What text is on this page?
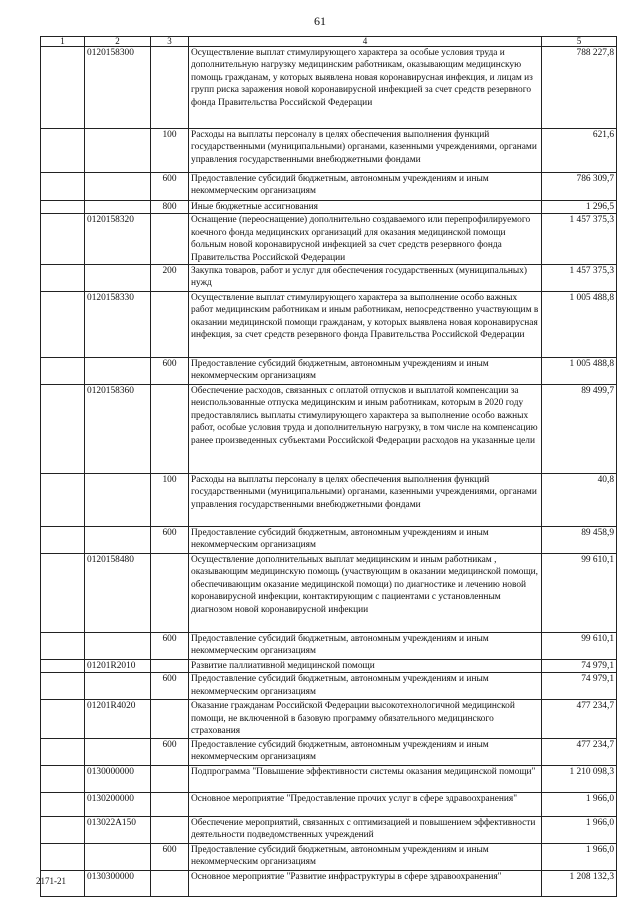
61
1	2	3	4	5
	0120158300		Осуществление выплат стимулирующего характера за особые условия труда и дополнительную нагрузку медицинским работникам, оказывающим медицинскую помощь гражданам, у которых выявлена новая коронавирусная инфекция, и лицам из групп риска заражения новой коронавирусной инфекцией за счет средств резервного фонда Правительства Российской Федерации	788 227,8
		100	Расходы на выплаты персоналу в целях обеспечения выполнения функций государственными (муниципальными) органами, казенными учреждениями, органами управления государственными внебюджетными фондами	621,6
		600	Предоставление субсидий бюджетным, автономным учреждениям и иным некоммерческим организациям	786 309,7
		800	Иные бюджетные ассигнования	1 296,5
	0120158320		Оснащение (переоснащение) дополнительно создаваемого или перепрофилируемого коечного фонда медицинских организаций для оказания медицинской помощи больным новой коронавирусной инфекцией за счет средств резервного фонда Правительства Российской Федерации	1 457 375,3
		200	Закупка товаров, работ и услуг для обеспечения государственных (муниципальных) нужд	1 457 375,3
	0120158330		Осуществление выплат стимулирующего характера за выполнение особо важных работ медицинским работникам и иным работникам, непосредственно участвующим в оказании медицинской помощи гражданам, у которых выявлена новая коронавирусная инфекция, за счет средств резервного фонда Правительства Российской Федерации	1 005 488,8
		600	Предоставление субсидий бюджетным, автономным учреждениям и иным некоммерческим организациям	1 005 488,8
	0120158360		Обеспечение расходов, связанных с оплатой отпусков и выплатой компенсации за неиспользованные отпуска медицинским и иным работникам, которым в 2020 году предоставлялись выплаты стимулирующего характера за выполнение особо важных работ, особые условия труда и дополнительную нагрузку, в том числе на компенсацию ранее произведенных субъектами Российской Федерации расходов на указанные цели	89 499,7
		100	Расходы на выплаты персоналу в целях обеспечения выполнения функций государственными (муниципальными) органами, казенными учреждениями, органами управления государственными внебюджетными фондами	40,8
		600	Предоставление субсидий бюджетным, автономным учреждениям и иным некоммерческим организациям	89 458,9
	0120158480		Осуществление дополнительных выплат медицинским и иным работникам , оказывающим медицинскую помощь (участвующим в оказании медицинской помощи, обеспечивающим оказание медицинской помощи) по диагностике и лечению новой коронавирусной инфекции, контактирующим с пациентами с установленным диагнозом новой коронавирусной инфекции	99 610,1
		600	Предоставление субсидий бюджетным, автономным учреждениям и иным некоммерческим организациям	99 610,1
	01201R2010		Развитие паллиативной медицинской помощи	74 979,1
		600	Предоставление субсидий бюджетным, автономным учреждениям и иным некоммерческим организациям	74 979,1
	01201R4020		Оказание гражданам Российской Федерации высокотехнологичной медицинской помощи, не включенной в базовую программу обязательного медицинского страхования	477 234,7
		600	Предоставление субсидий бюджетным, автономным учреждениям и иным некоммерческим организациям	477 234,7
	0130000000		Подпрограмма "Повышение эффективности системы оказания медицинской помощи"	1 210 098,3
	0130200000		Основное мероприятие "Предоставление прочих услуг в сфере здравоохранения"	1 966,0
	013022А150		Обеспечение мероприятий, связанных с оптимизацией и повышением эффективности деятельности подведомственных учреждений	1 966,0
		600	Предоставление субсидий бюджетным, автономным учреждениям и иным некоммерческим организациям	1 966,0
	0130300000		Основное мероприятие "Развитие инфраструктуры в сфере здравоохранения"	1 208 132,3
2171-21
